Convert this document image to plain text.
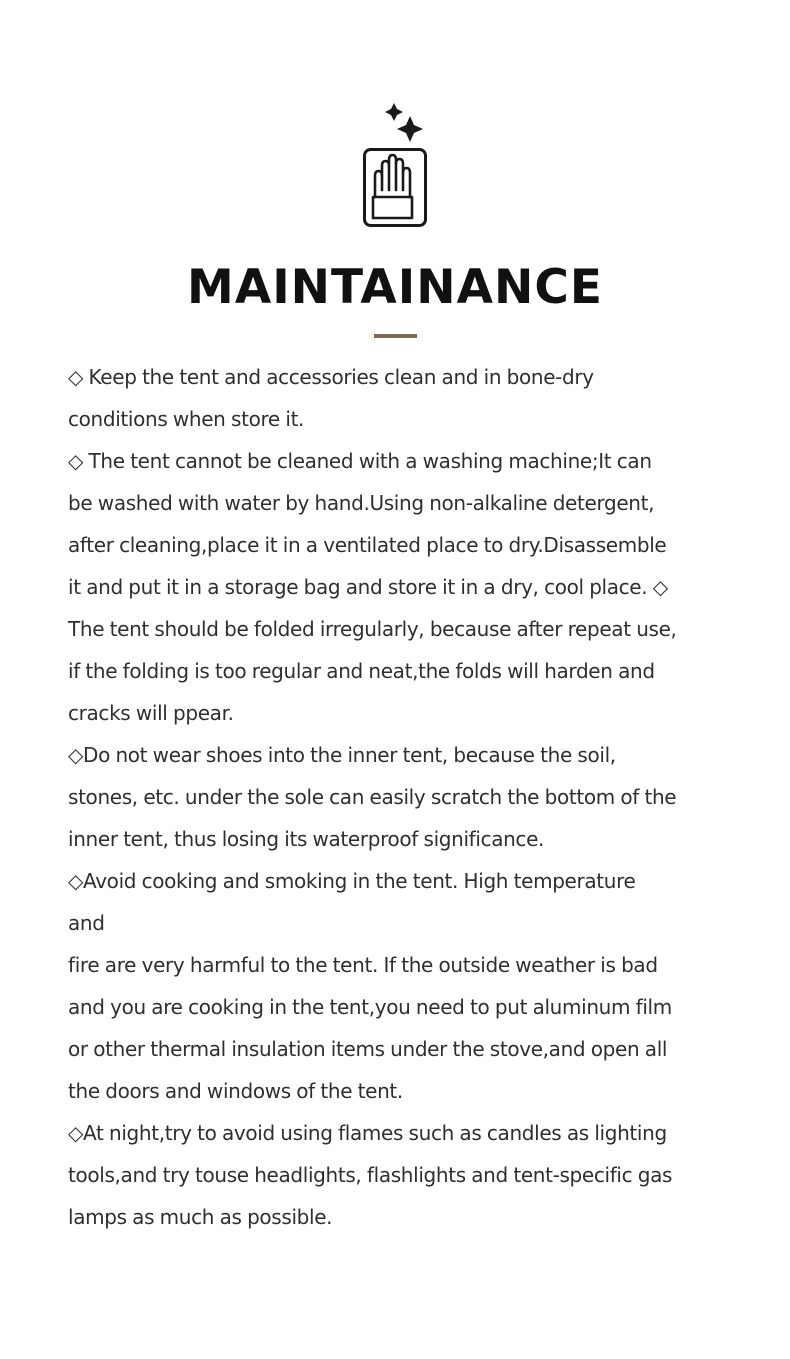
MAINTAINANCE
◇ Keep the tent and accessories clean and in bone-dry
conditions when store it.
◇ The tent cannot be cleaned with a washing machine;It can
be washed with water by hand.Using non-alkaline detergent,
after cleaning,place it in a ventilated place to dry.Disassemble
it and put it in a storage bag and store it in a dry, cool place. ◇
The tent should be folded irregularly, because after repeat use,
if the folding is too regular and neat,the folds will harden and
cracks will ppear.
◇Do not wear shoes into the inner tent, because the soil,
stones, etc. under the sole can easily scratch the bottom of the
inner tent, thus losing its waterproof significance.
◇Avoid cooking and smoking in the tent. High temperature
and
fire are very harmful to the tent. If the outside weather is bad
and you are cooking in the tent,you need to put aluminum film
or other thermal insulation items under the stove,and open all
the doors and windows of the tent.
◇At night,try to avoid using flames such as candles as lighting
tools,and try touse headlights, flashlights and tent-specific gas
lamps as much as possible.
